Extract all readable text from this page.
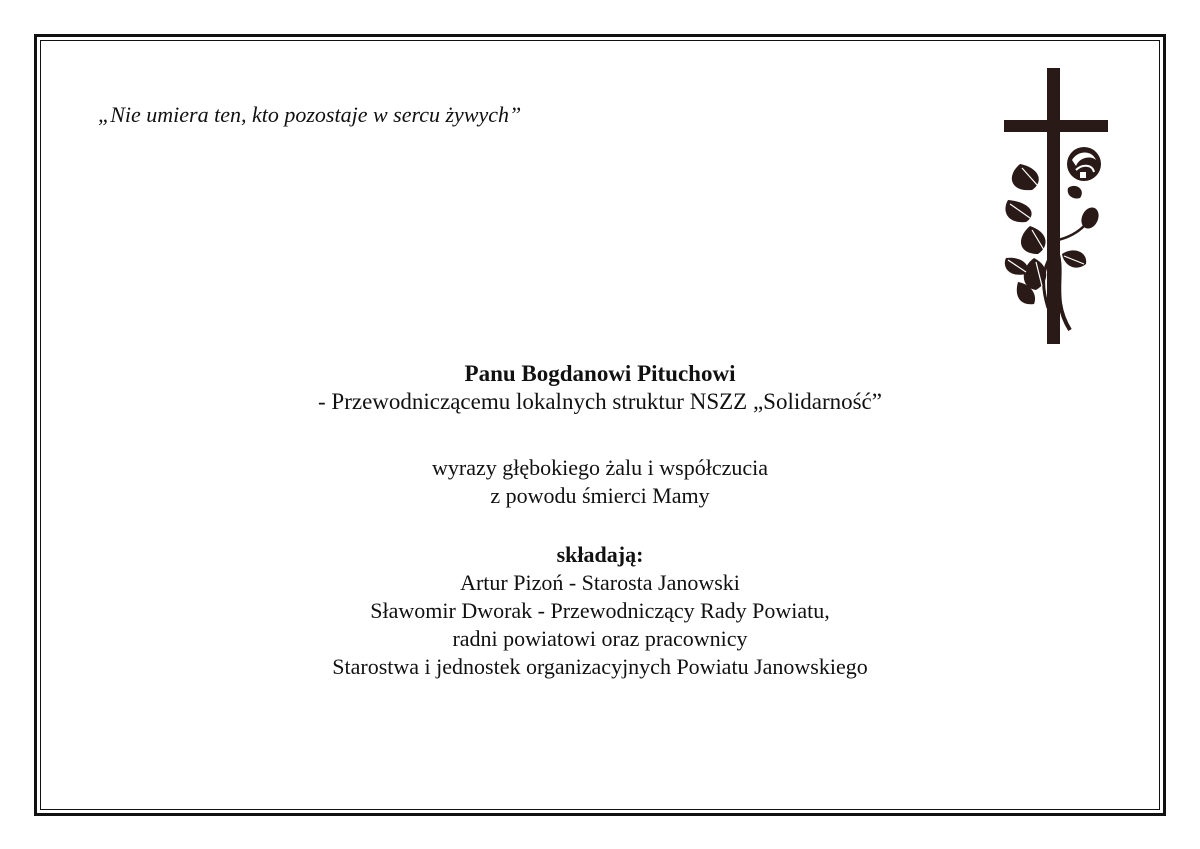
„Nie umiera ten, kto pozostaje w sercu żywych”
Panu Bogdanowi Pituchowi
- Przewodniczącemu lokalnych struktur NSZZ „Solidarność”
wyrazy głębokiego żalu i współczucia
z powodu śmierci Mamy
składają:
Artur Pizoń - Starosta Janowski
Sławomir Dworak - Przewodniczący Rady Powiatu,
radni powiatowi oraz pracownicy
Starostwa i jednostek organizacyjnych Powiatu Janowskiego
